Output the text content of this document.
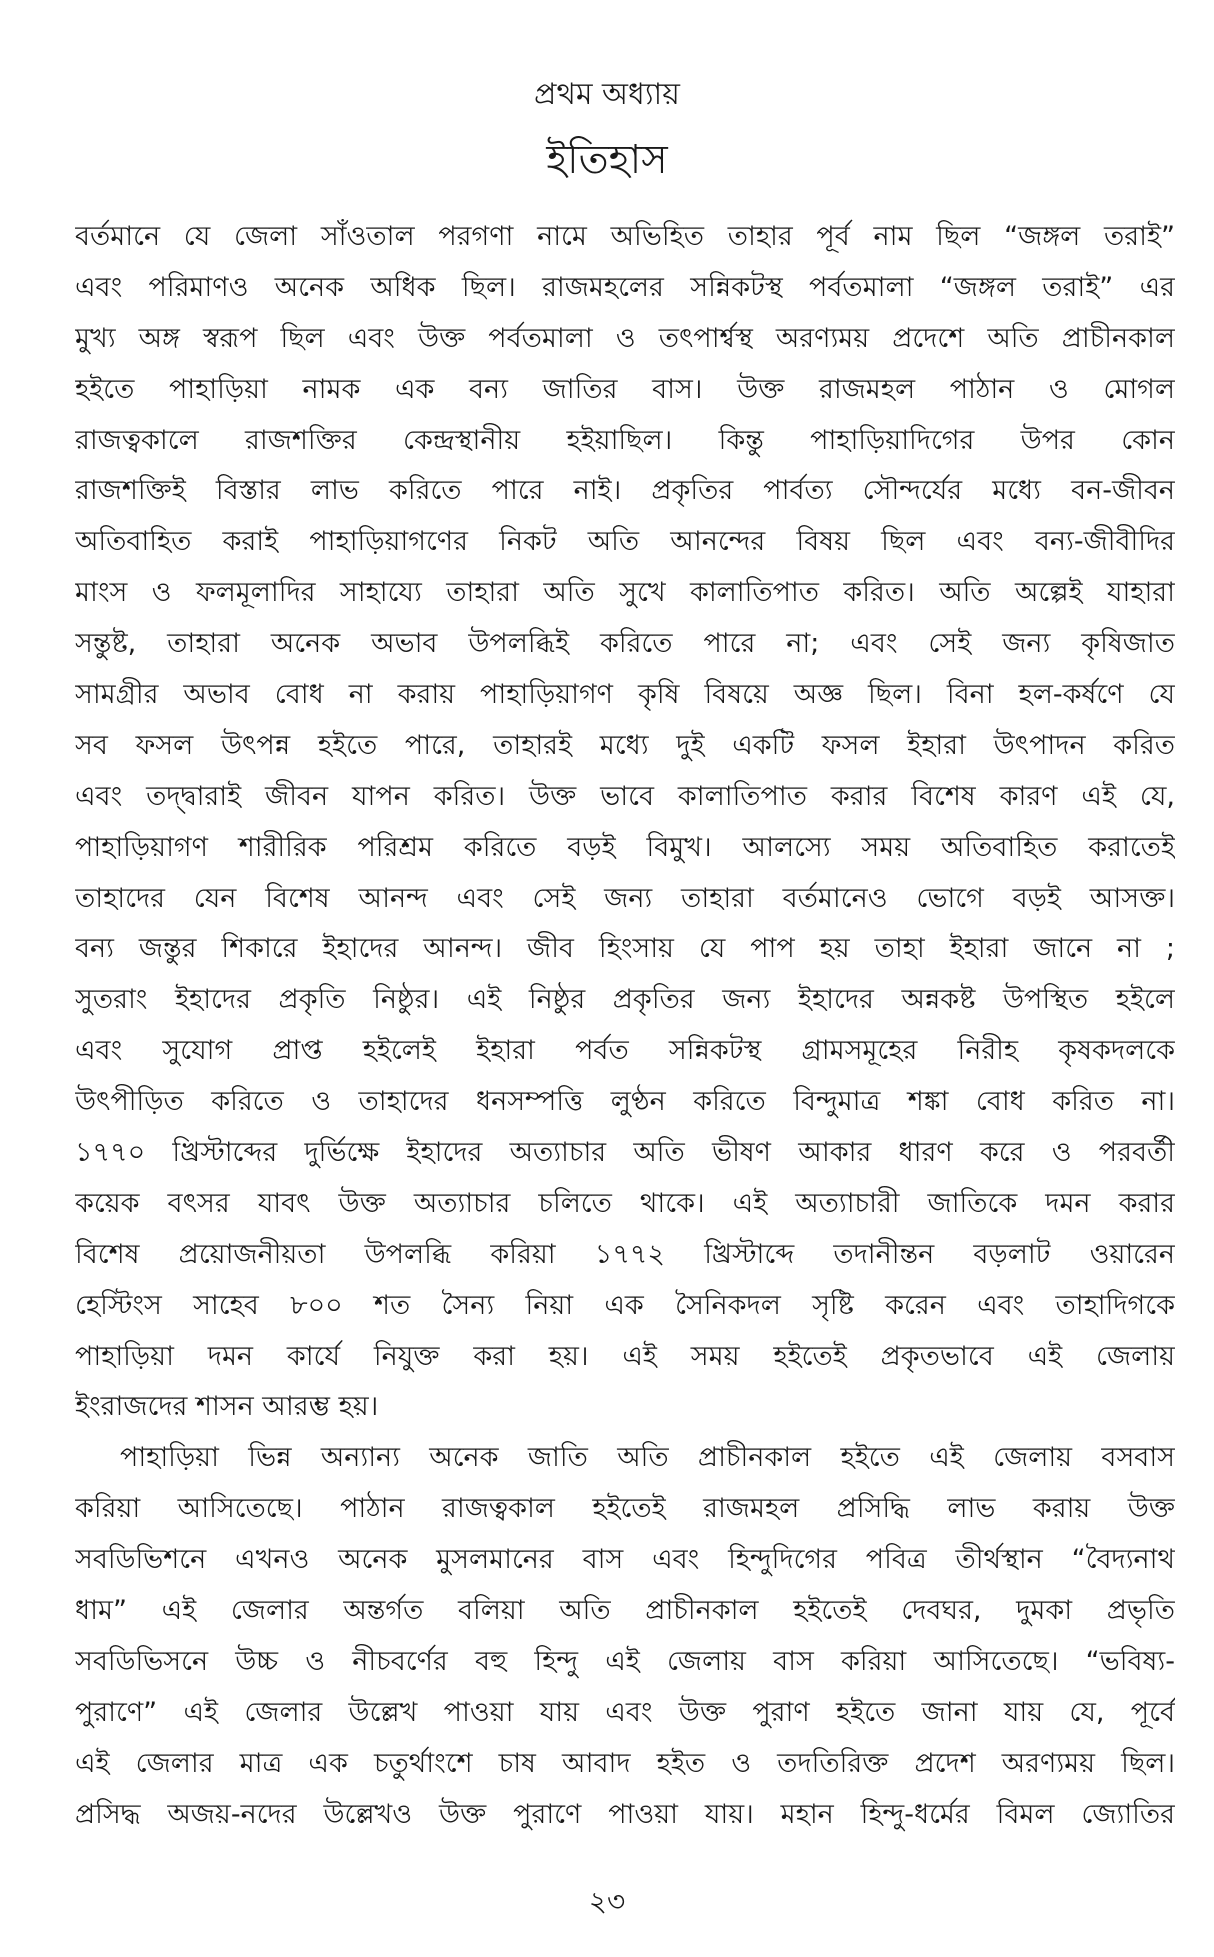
প্রথম অধ্যায়
ইতিহাস
বর্তমানে যে জেলা সাঁওতাল পরগণা নামে অভিহিত তাহার পূর্ব নাম ছিল “জঙ্গল তরাই”
এবং পরিমাণও অনেক অধিক ছিল। রাজমহলের সন্নিকটস্থ পর্বতমালা “জঙ্গল তরাই” এর
মুখ্য অঙ্গ স্বরূপ ছিল এবং উক্ত পর্বতমালা ও তৎপার্শ্বস্থ অরণ্যময় প্রদেশে অতি প্রাচীনকাল
হইতে পাহাড়িয়া নামক এক বন্য জাতির বাস। উক্ত রাজমহল পাঠান ও মোগল
রাজত্বকালে রাজশক্তির কেন্দ্রস্থানীয় হইয়াছিল। কিন্তু পাহাড়িয়াদিগের উপর কোন
রাজশক্তিই বিস্তার লাভ করিতে পারে নাই। প্রকৃতির পার্বত্য সৌন্দর্যের মধ্যে বন-জীবন
অতিবাহিত করাই পাহাড়িয়াগণের নিকট অতি আনন্দের বিষয় ছিল এবং বন্য-জীবীদির
মাংস ও ফলমূলাদির সাহায্যে তাহারা অতি সুখে কালাতিপাত করিত। অতি অল্পেই যাহারা
সন্তুষ্ট, তাহারা অনেক অভাব উপলব্ধিই করিতে পারে না; এবং সেই জন্য কৃষিজাত
সামগ্রীর অভাব বোধ না করায় পাহাড়িয়াগণ কৃষি বিষয়ে অজ্ঞ ছিল। বিনা হল-কর্ষণে যে
সব ফসল উৎপন্ন হইতে পারে, তাহারই মধ্যে দুই একটি ফসল ইহারা উৎপাদন করিত
এবং তদ্দ্বারাই জীবন যাপন করিত। উক্ত ভাবে কালাতিপাত করার বিশেষ কারণ এই যে,
পাহাড়িয়াগণ শারীরিক পরিশ্রম করিতে বড়ই বিমুখ। আলস্যে সময় অতিবাহিত করাতেই
তাহাদের যেন বিশেষ আনন্দ এবং সেই জন্য তাহারা বর্তমানেও ভোগে বড়ই আসক্ত।
বন্য জন্তুর শিকারে ইহাদের আনন্দ। জীব হিংসায় যে পাপ হয় তাহা ইহারা জানে না ;
সুতরাং ইহাদের প্রকৃতি নিষ্ঠুর। এই নিষ্ঠুর প্রকৃতির জন্য ইহাদের অন্নকষ্ট উপস্থিত হইলে
এবং সুযোগ প্রাপ্ত হইলেই ইহারা পর্বত সন্নিকটস্থ গ্রামসমূহের নিরীহ কৃষকদলকে
উৎপীড়িত করিতে ও তাহাদের ধনসম্পত্তি লুণ্ঠন করিতে বিন্দুমাত্র শঙ্কা বোধ করিত না।
১৭৭০ খ্রিস্টাব্দের দুর্ভিক্ষে ইহাদের অত্যাচার অতি ভীষণ আকার ধারণ করে ও পরবর্তী
কয়েক বৎসর যাবৎ উক্ত অত্যাচার চলিতে থাকে। এই অত্যাচারী জাতিকে দমন করার
বিশেষ প্রয়োজনীয়তা উপলব্ধি করিয়া ১৭৭২ খ্রিস্টাব্দে তদানীন্তন বড়লাট ওয়ারেন
হেস্টিংস সাহেব ৮০০ শত সৈন্য নিয়া এক সৈনিকদল সৃষ্টি করেন এবং তাহাদিগকে
পাহাড়িয়া দমন কার্যে নিযুক্ত করা হয়। এই সময় হইতেই প্রকৃতভাবে এই জেলায়
ইংরাজদের শাসন আরম্ভ হয়।
পাহাড়িয়া ভিন্ন অন্যান্য অনেক জাতি অতি প্রাচীনকাল হইতে এই জেলায় বসবাস
করিয়া আসিতেছে। পাঠান রাজত্বকাল হইতেই রাজমহল প্রসিদ্ধি লাভ করায় উক্ত
সবডিভিশনে এখনও অনেক মুসলমানের বাস এবং হিন্দুদিগের পবিত্র তীর্থস্থান “বৈদ্যনাথ
ধাম” এই জেলার অন্তর্গত বলিয়া অতি প্রাচীনকাল হইতেই দেবঘর, দুমকা প্রভৃতি
সবডিভিসনে উচ্চ ও নীচবর্ণের বহু হিন্দু এই জেলায় বাস করিয়া আসিতেছে। “ভবিষ্য-
পুরাণে” এই জেলার উল্লেখ পাওয়া যায় এবং উক্ত পুরাণ হইতে জানা যায় যে, পূর্বে
এই জেলার মাত্র এক চতুর্থাংশে চাষ আবাদ হইত ও তদতিরিক্ত প্রদেশ অরণ্যময় ছিল।
প্রসিদ্ধ অজয়-নদের উল্লেখও উক্ত পুরাণে পাওয়া যায়। মহান হিন্দু-ধর্মের বিমল জ্যোতির
২৩
